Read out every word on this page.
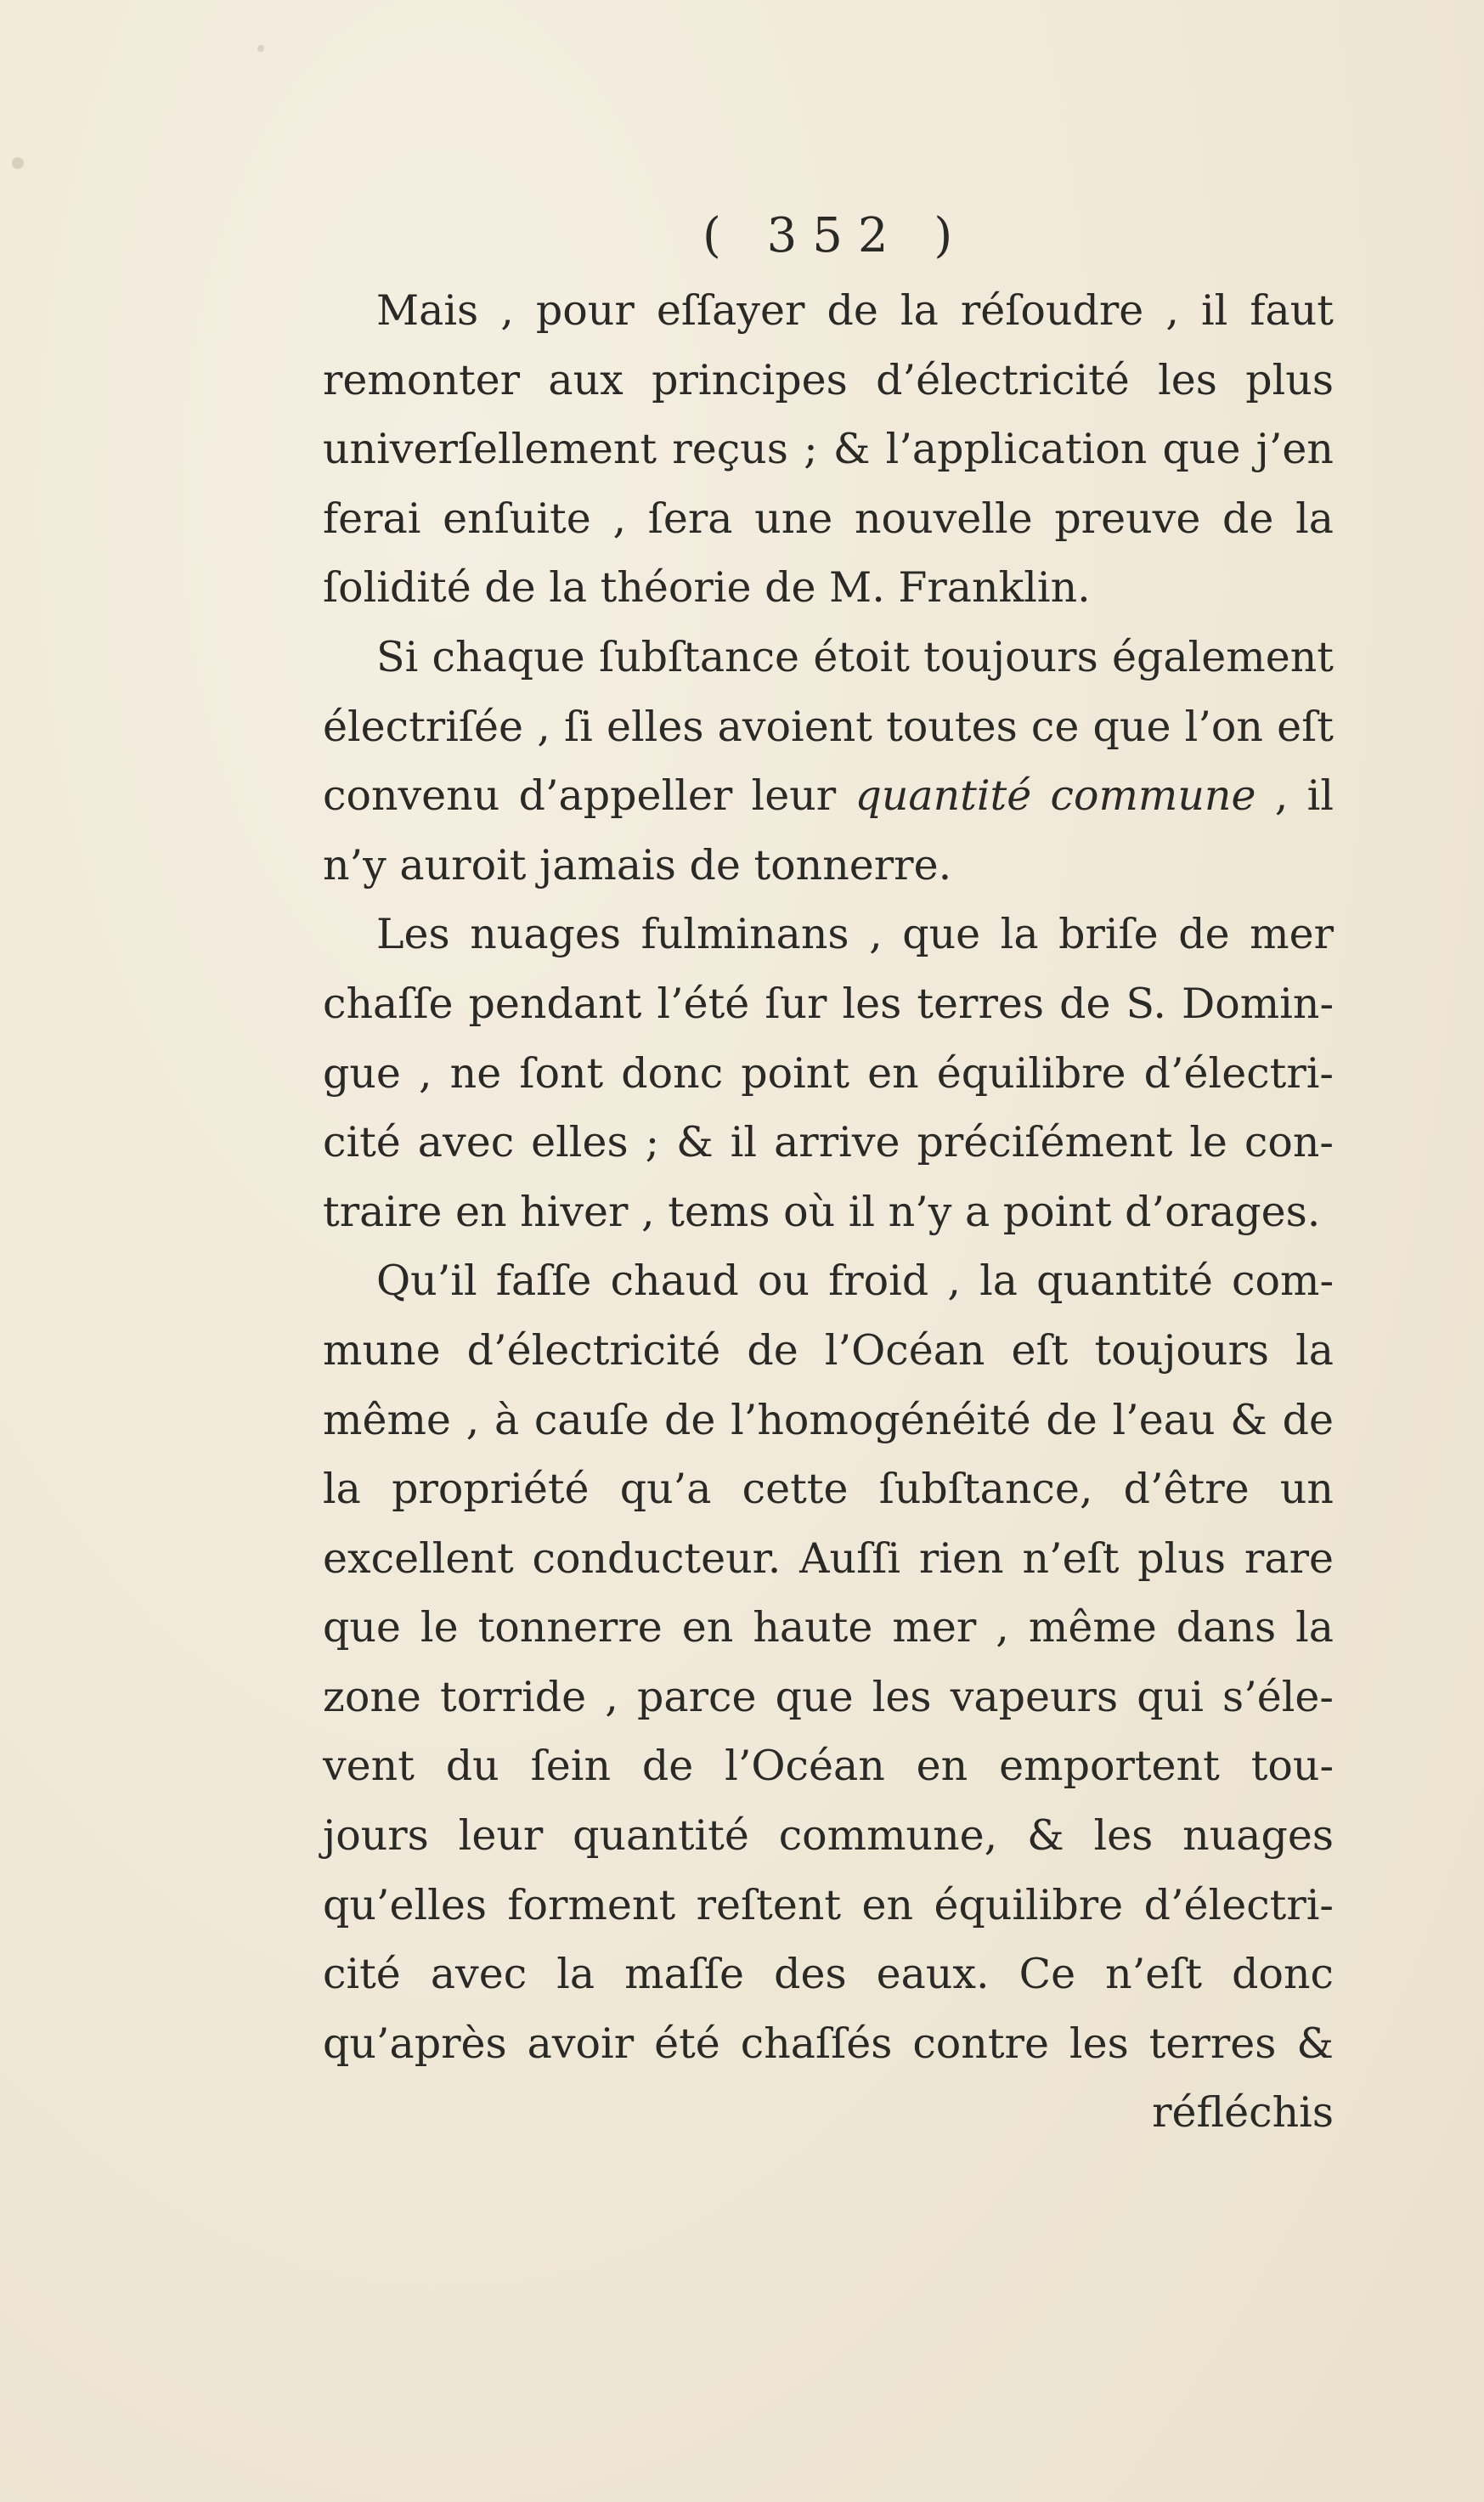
( 352 )
Mais , pour eſſayer de la réſoudre , il faut
remonter aux principes d’électricité les plus
univerſellement reçus ; & l’application que j’en
ferai enſuite , ſera une nouvelle preuve de la
ſolidité de la théorie de M. Franklin.
Si chaque ſubſtance étoit toujours également
électriſée , ſi elles avoient toutes ce que l’on eſt
convenu d’appeller leur quantité commune , il
n’y auroit jamais de tonnerre.
Les nuages fulminans , que la briſe de mer
chaſſe pendant l’été ſur les terres de S. Domin-
gue , ne ſont donc point en équilibre d’électri-
cité avec elles ; & il arrive préciſément le con-
traire en hiver , tems où il n’y a point d’orages.
Qu’il faſſe chaud ou froid , la quantité com-
mune d’électricité de l’Océan eſt toujours la
même , à cauſe de l’homogénéité de l’eau & de
la propriété qu’a cette ſubſtance, d’être un
excellent conducteur. Auſſi rien n’eſt plus rare
que le tonnerre en haute mer , même dans la
zone torride , parce que les vapeurs qui s’éle-
vent du ſein de l’Océan en emportent tou-
jours leur quantité commune, & les nuages
qu’elles forment reſtent en équilibre d’électri-
cité avec la maſſe des eaux. Ce n’eſt donc
qu’après avoir été chaſſés contre les terres &
réfléchis
